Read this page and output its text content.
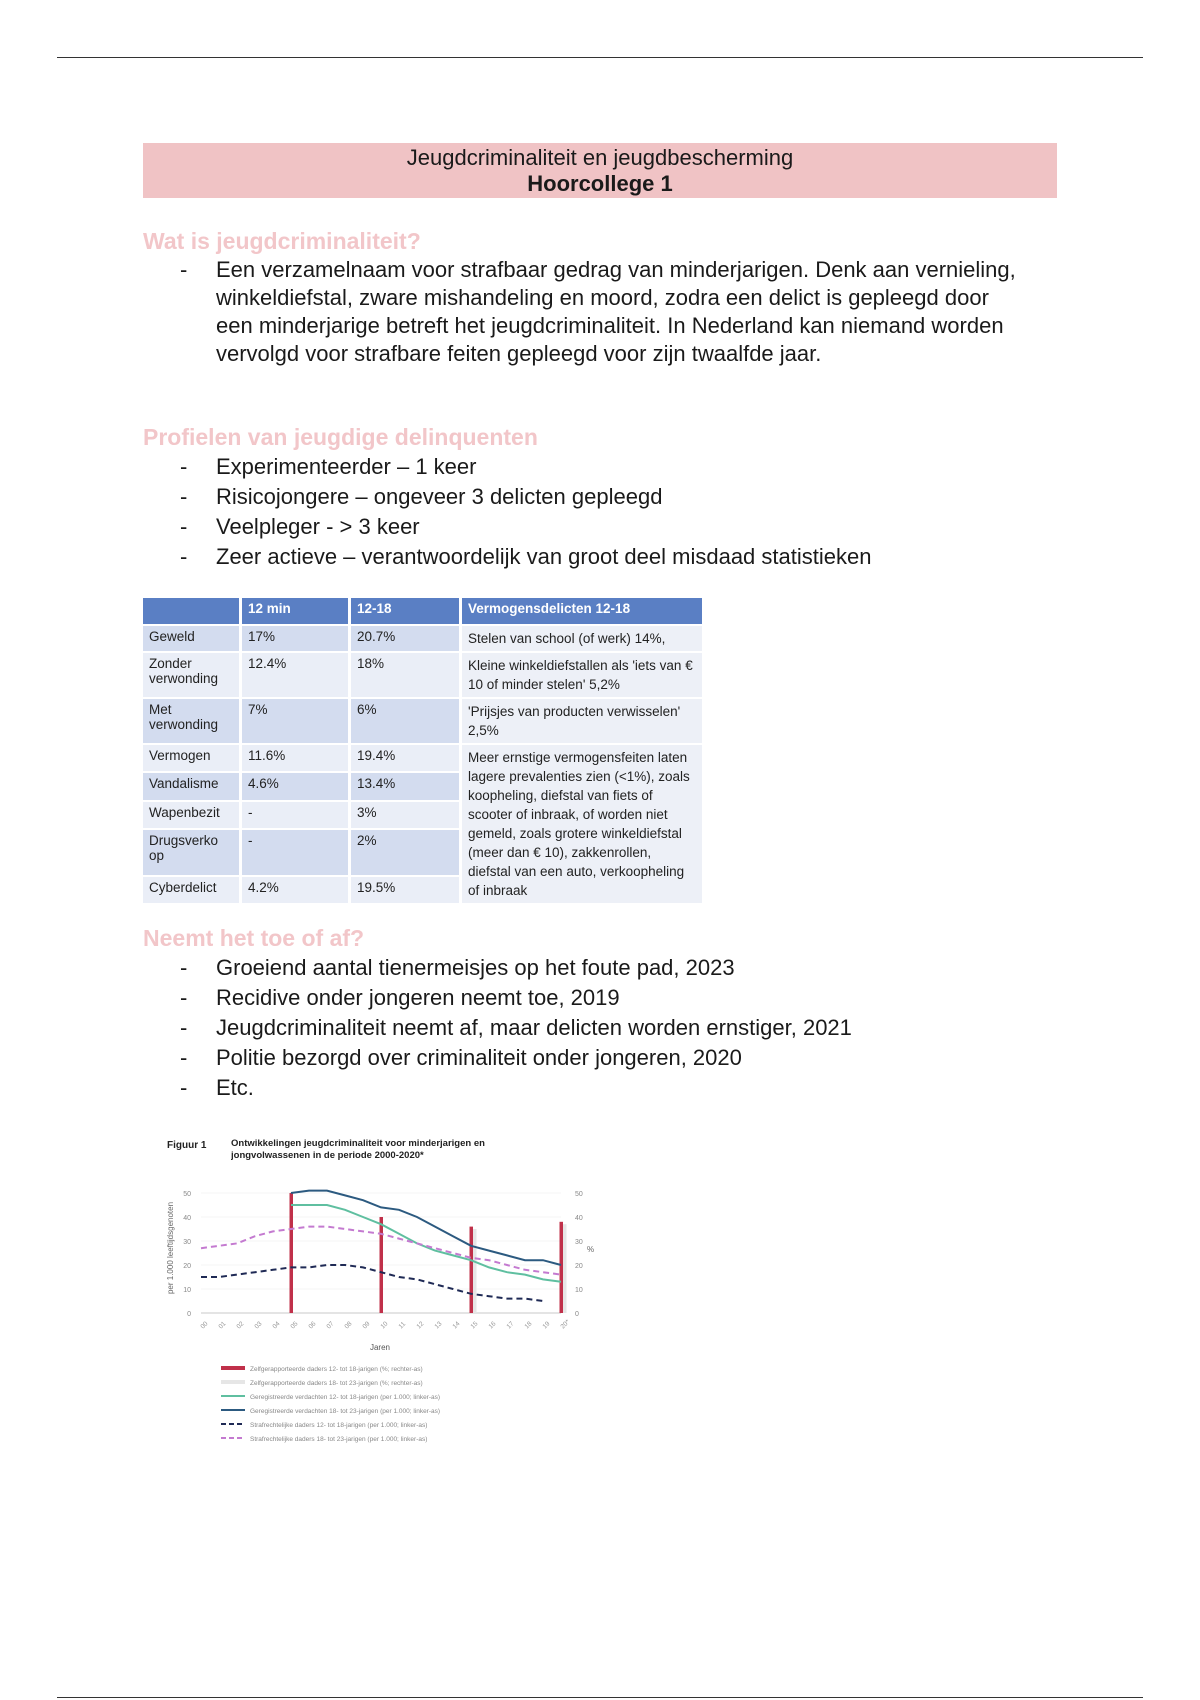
Jeugdcriminaliteit en jeugdbescherming
Hoorcollege 1
Wat is jeugdcriminaliteit?
- Een verzamelnaam voor strafbaar gedrag van minderjarigen. Denk aan vernieling, winkeldiefstal, zware mishandeling en moord, zodra een delict is gepleegd door een minderjarige betreft het jeugdcriminaliteit. In Nederland kan niemand worden vervolgd voor strafbare feiten gepleegd voor zijn twaalfde jaar.
Profielen van jeugdige delinquenten
- Experimenteerder – 1 keer
- Risicojongere – ongeveer 3 delicten gepleegd
- Veelpleger - > 3 keer
- Zeer actieve – verantwoordelijk van groot deel misdaad statistieken
	12 min	12-18	Vermogensdelicten 12-18
Geweld	17%	20.7%	Stelen van school (of werk) 14%,
Zonder verwonding	12.4%	18%	Kleine winkeldiefstallen als 'iets van € 10 of minder stelen' 5,2%
Met verwonding	7%	6%	'Prijsjes van producten verwisselen' 2,5%
Vermogen	11.6%	19.4%	Meer ernstige vermogensfeiten laten lagere prevalenties zien (<1%), zoals koopheling, diefstal van fiets of scooter of inbraak, of worden niet gemeld, zoals grotere winkeldiefstal (meer dan € 10), zakkenrollen, diefstal van een auto, verkoopheling of inbraak
Vandalisme	4.6%	13.4%	
Wapenbezit	-	3%	
Drugsverko op	-	2%	
Cyberdelict	4.2%	19.5%	
Neemt het toe of af?
- Groeiend aantal tienermeisjes op het foute pad, 2023
- Recidive onder jongeren neemt toe, 2019
- Jeugdcriminaliteit neemt af, maar delicten worden ernstiger, 2021
- Politie bezorgd over criminaliteit onder jongeren, 2020
- Etc.
Figuur 1	Ontwikkelingen jeugdcriminaliteit voor minderjarigen en jongvolwassenen in de periode 2000-2020*
0	0
10	10
20	20
30	30
40	40
50	50
00 01 02 03 04 05 06 07 08 09 10 11 12 13 14 15 16 17 18 19 20*
Jaren
per 1.000 leeftijdsgenoten	%
Zelfgerapporteerde daders 12- tot 18-jarigen (%; rechter-as)
Zelfgerapporteerde daders 18- tot 23-jarigen (%; rechter-as)
Geregistreerde verdachten 12- tot 18-jarigen (per 1.000; linker-as)
Geregistreerde verdachten 18- tot 23-jarigen (per 1.000; linker-as)
Strafrechtelijke daders 12- tot 18-jarigen (per 1.000; linker-as)
Strafrechtelijke daders 18- tot 23-jarigen (per 1.000; linker-as)
